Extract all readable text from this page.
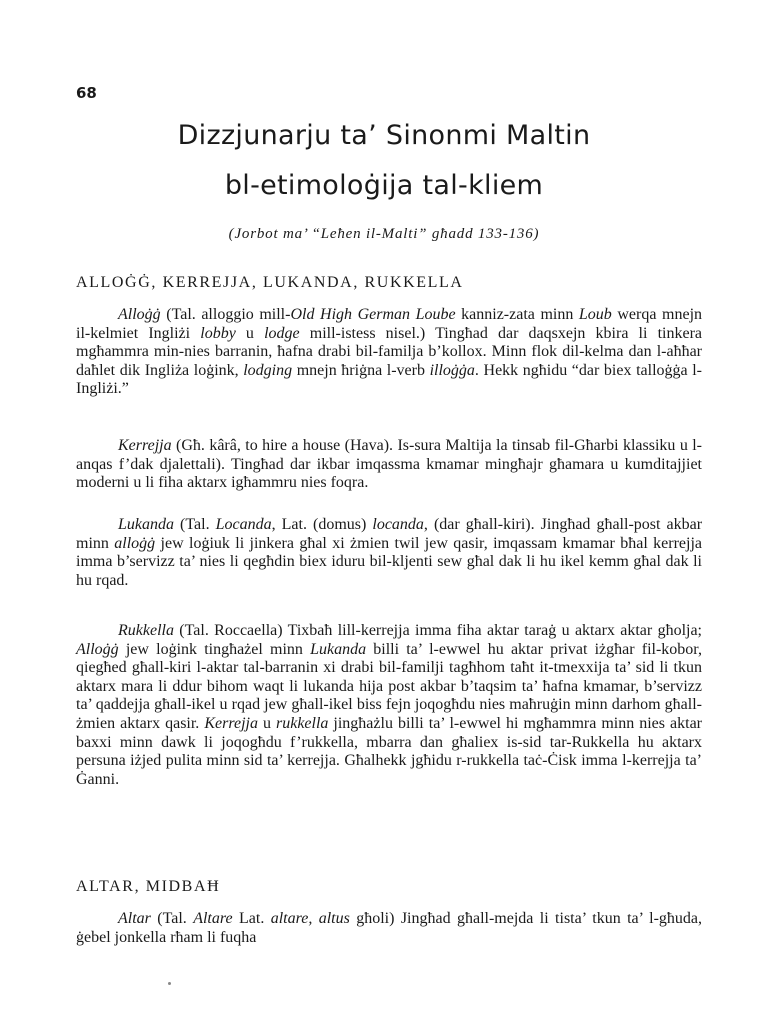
68
Dizzjunarju ta’ Sinonmi Maltin
bl-etimoloġija tal-kliem
(Jorbot ma’ “Leħen il-Malti” għadd 133-136)
ALLOĠĠ, KERREJJA, LUKANDA, RUKKELLA

Alloġġ (Tal. alloggio mill-Old High German Loube kanniz-zata minn Loub werqa mnejn il-kelmiet Ingliżi lobby u lodge mill-istess nisel.) Tingħad dar daqsxejn kbira li tinkera mgħammra min-nies barranin, ħafna drabi bil-familja b’kollox. Minn flok dil-kelma dan l-aħħar daħlet dik Ingliża loġink, lodging mnejn ħriġna l-verb illoġġa. Hekk ngħidu “dar biex talloġġa l-Ingliżi.”

Kerrejja (Għ. kârâ, to hire a house (Hava). Is-sura Maltija la tinsab fil-Għarbi klassiku u l-anqas f’dak djalettali). Tingħad dar ikbar imqassma kmamar mingħajr għamara u kumditajjiet moderni u li fiha aktarx igħammru nies foqra.

Lukanda (Tal. Locanda, Lat. (domus) locanda, (dar għall-kiri). Jingħad għall-post akbar minn alloġġ jew loġiuk li jinkera għal xi żmien twil jew qasir, imqassam kmamar bħal kerrejja imma b’servizz ta’ nies li qegħdin biex iduru bil-kljenti sew għal dak li hu ikel kemm għal dak li hu rqad.

Rukkella (Tal. Roccaella) Tixbaħ lill-kerrejja imma fiha aktar taraġ u aktarx aktar għolja; Alloġġ jew loġink tingħażel minn Lukanda billi ta’ l-ewwel hu aktar privat iżgħar fil-kobor, qiegħed għall-kiri l-aktar tal-barranin xi drabi bil-familji tagħhom taħt it-tmexxija ta’ sid li tkun aktarx mara li ddur bihom waqt li lukanda hija post akbar b’taqsim ta’ ħafna kmamar, b’servizz ta’ qaddejja għall-ikel u rqad jew għall-ikel biss fejn joqogħdu nies maħruġin minn darhom għall-żmien aktarx qasir. Kerrejja u rukkella jingħażlu billi ta’ l-ewwel hi mgħammra minn nies aktar baxxi minn dawk li joqogħdu f’rukkella, mbarra dan għaliex is-sid tar-Rukkella hu aktarx persuna iżjed pulita minn sid ta’ kerrejja. Għalhekk jgħidu r-rukkella taċ-Ċisk imma l-kerrejja ta’ Ġanni.

ALTAR, MIDBAĦ

Altar (Tal. Altare Lat. altare, altus għoli) Jingħad għall-mejda li tista’ tkun ta’ l-għuda, ġebel jonkella rħam li fuqha
